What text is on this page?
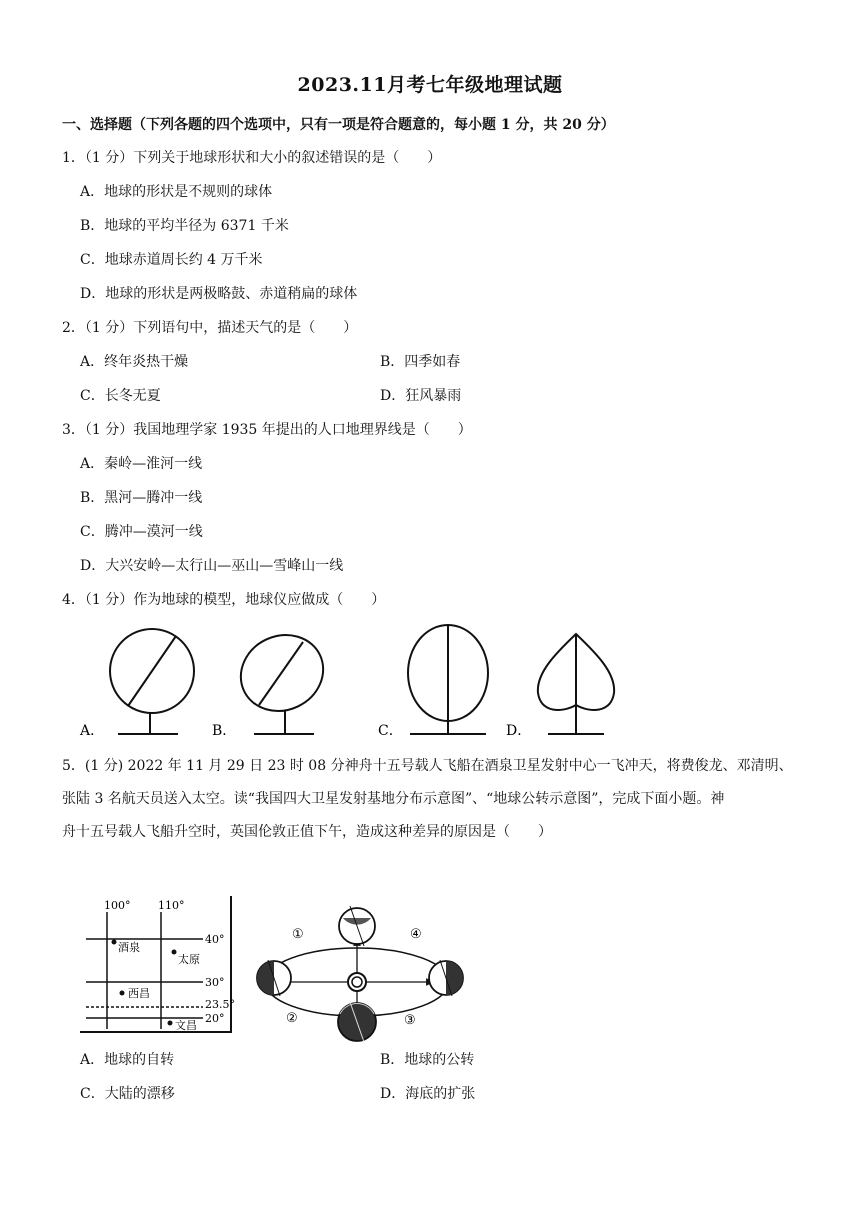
2023.11月考七年级地理试题
一、选择题（下列各题的四个选项中，只有一项是符合题意的，每小题 1 分，共 20 分）
1．（1 分）下列关于地球形状和大小的叙述错误的是（　　）
A．地球的形状是不规则的球体
B．地球的平均半径为 6371 千米
C．地球赤道周长约 4 万千米
D．地球的形状是两极略鼓、赤道稍扁的球体
2．（1 分）下列语句中，描述天气的是（　　）
A．终年炎热干燥	B．四季如春
C．长冬无夏	D．狂风暴雨
3．（1 分）我国地理学家 1935 年提出的人口地理界线是（　　）
A．秦岭—淮河一线
B．黑河—腾冲一线
C．腾冲—漠河一线
D．大兴安岭—太行山—巫山—雪峰山一线
4．（1 分）作为地球的模型，地球仪应做成（　　）
A．	B．	C．	D．
5．(1 分) 2022 年 11 月 29 日 23 时 08 分神舟十五号载人飞船在酒泉卫星发射中心一飞冲天，将费俊龙、邓清明、
张陆 3 名航天员送入太空。读“我国四大卫星发射基地分布示意图”、“地球公转示意图”，完成下面小题。神
舟十五号载人飞船升空时，英国伦敦正值下午，造成这种差异的原因是（　　）
100°	110°
40°
30°
23.5°
20°
酒泉
太原
西昌
文昌
①
②	③
④
A．地球的自转	B．地球的公转
C．大陆的漂移	D．海底的扩张
